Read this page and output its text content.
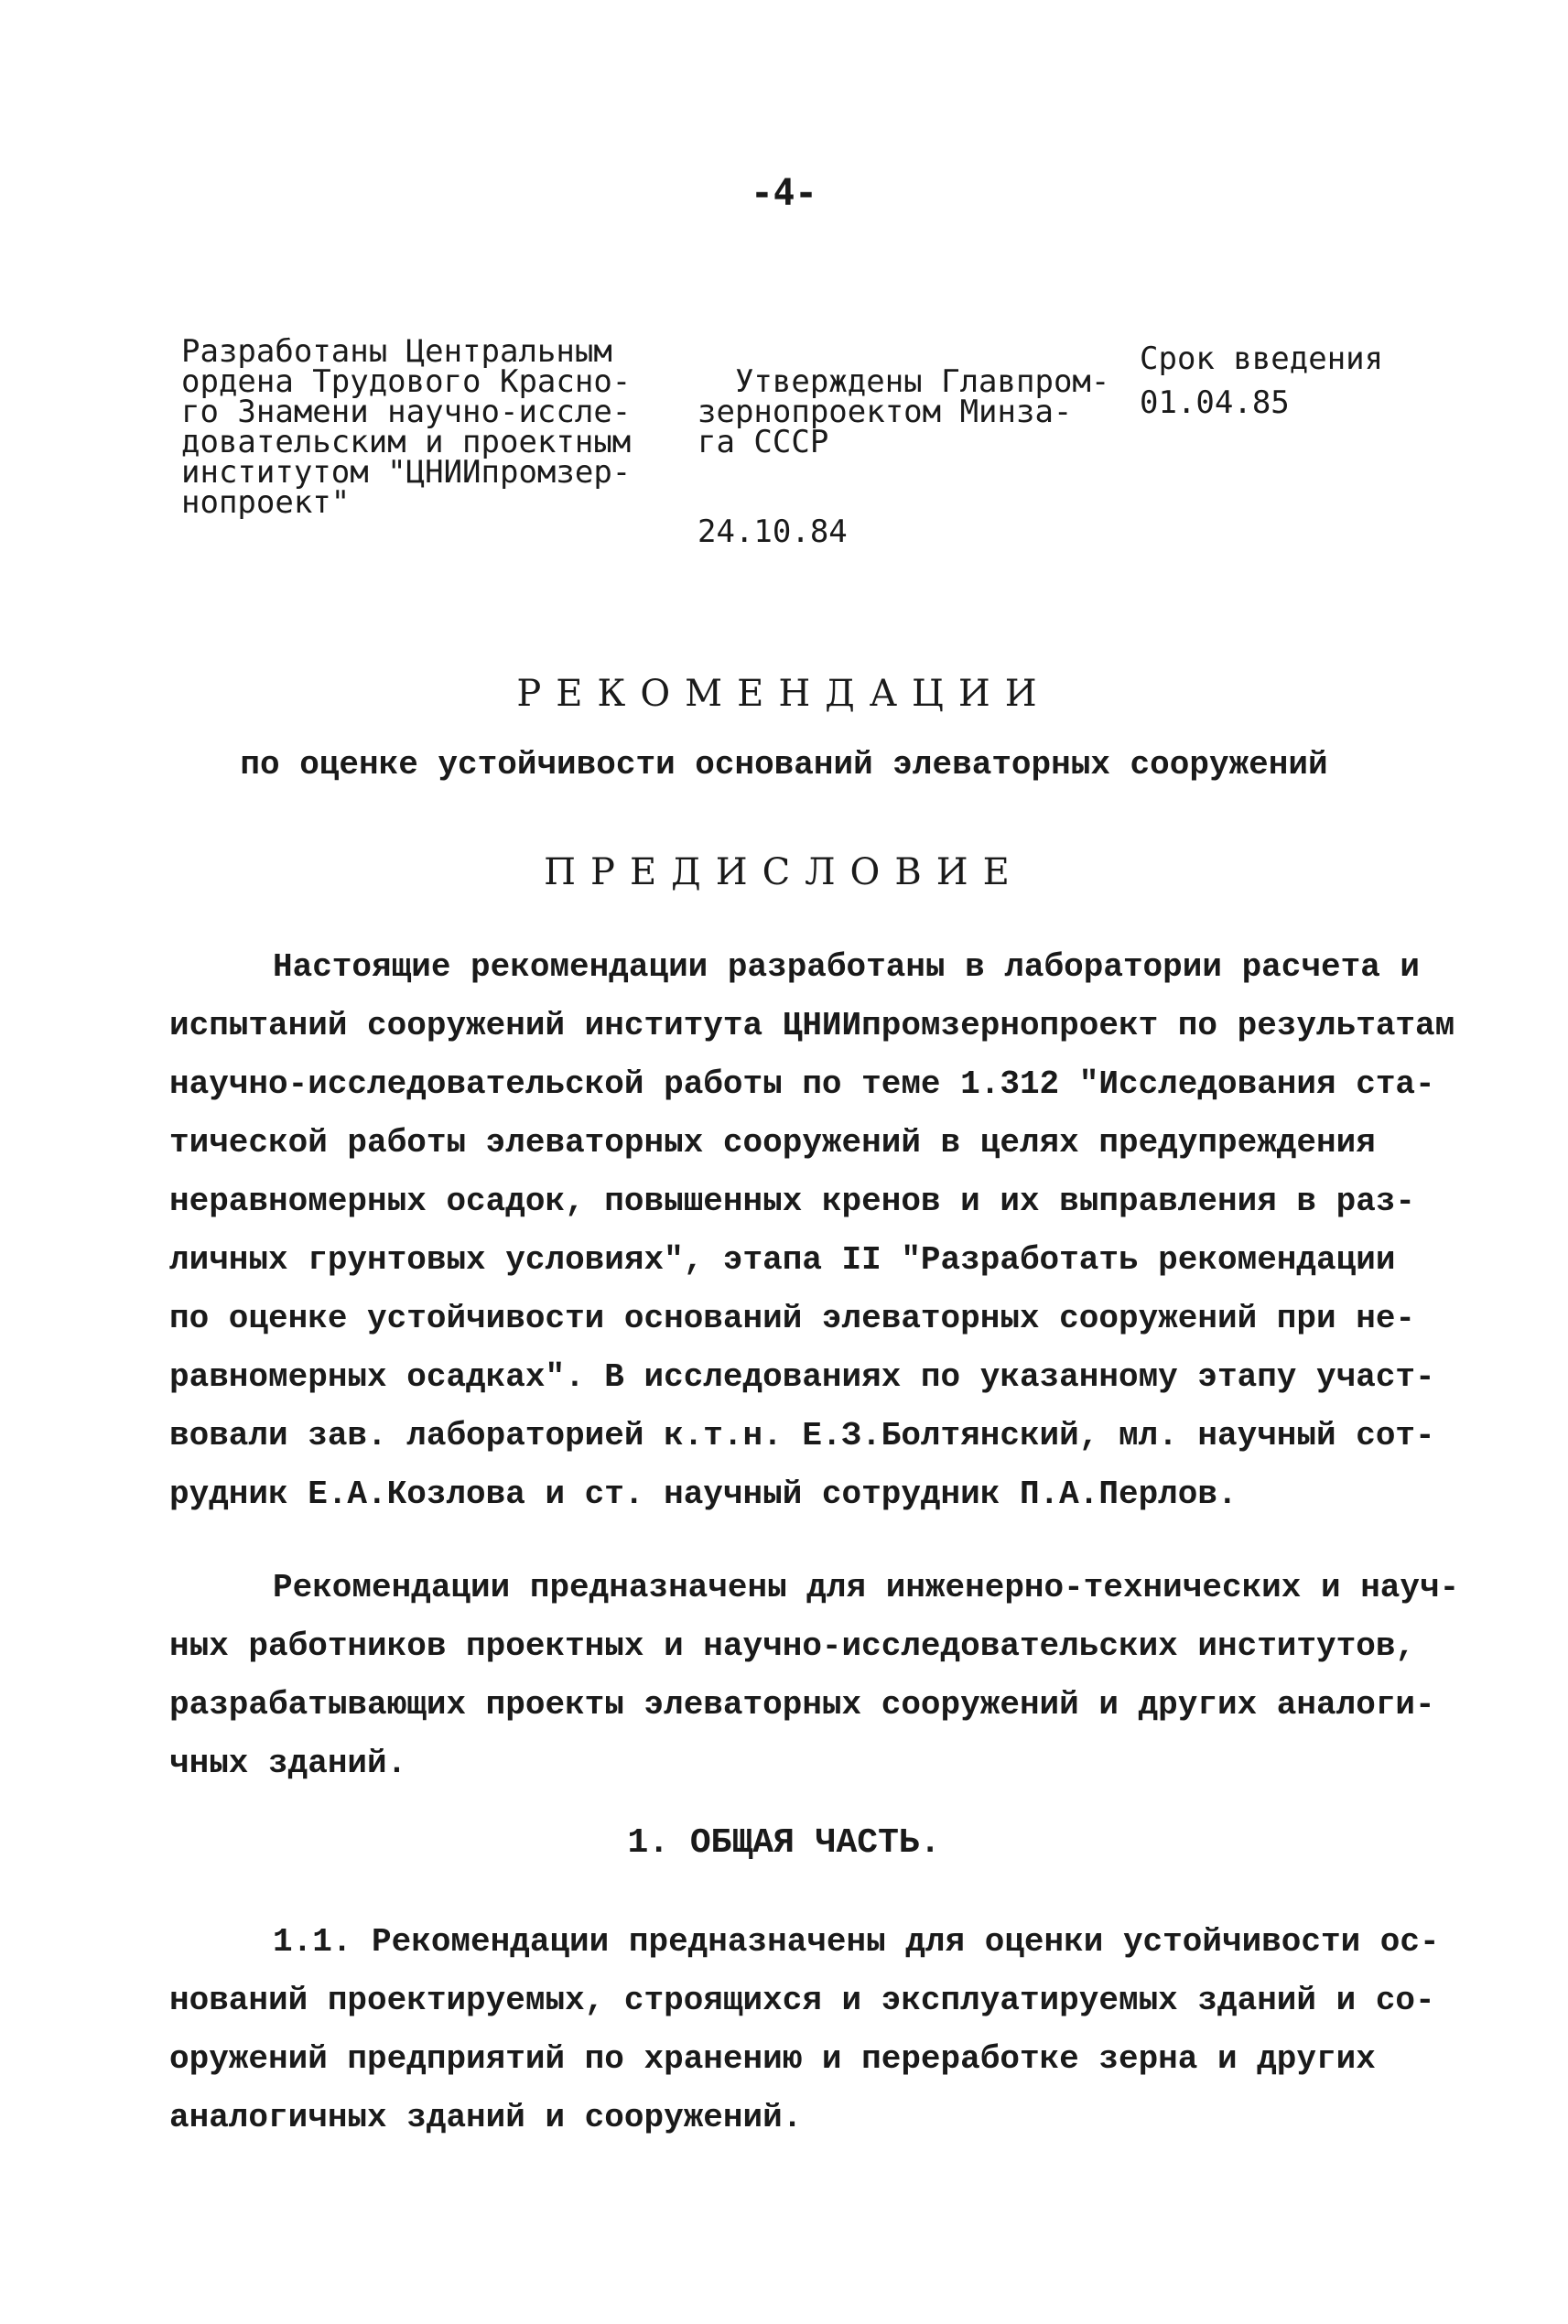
-4-
Разработаны Центральным
ордена Трудового Красно-
го Знамени научно-иссле-
довательским и проектным
институтом "ЦНИИпромзер-
нопроект"

Утверждены Главпром-
зернопроектом Минза-
га СССР

24.10.84

Срок введения
01.04.85
РЕКОМЕНДАЦИИ
по оценке устойчивости оснований элеваторных сооружений
ПРЕДИСЛОВИЕ
Настоящие рекомендации разработаны в лаборатории расчета и
испытаний сооружений института ЦНИИпромзернопроект по результатам
научно-исследовательской работы по теме 1.312 "Исследования ста-
тической работы элеваторных сооружений в целях предупреждения
неравномерных осадок, повышенных кренов и их выправления в раз-
личных грунтовых условиях", этапа II "Разработать рекомендации
по оценке устойчивости оснований элеваторных сооружений при не-
равномерных осадках". В исследованиях по указанному этапу участ-
вовали зав. лабораторией к.т.н. Е.З.Болтянский, мл. научный сот-
рудник Е.А.Козлова и ст. научный сотрудник П.А.Перлов.
Рекомендации предназначены для инженерно-технических и науч-
ных работников проектных и научно-исследовательских институтов,
разрабатывающих проекты элеваторных сооружений и других аналоги-
чных зданий.
1. ОБЩАЯ ЧАСТЬ.
1.1. Рекомендации предназначены для оценки устойчивости ос-
нований проектируемых, строящихся и эксплуатируемых зданий и со-
оружений предприятий по хранению и переработке зерна и других
аналогичных зданий и сооружений.
